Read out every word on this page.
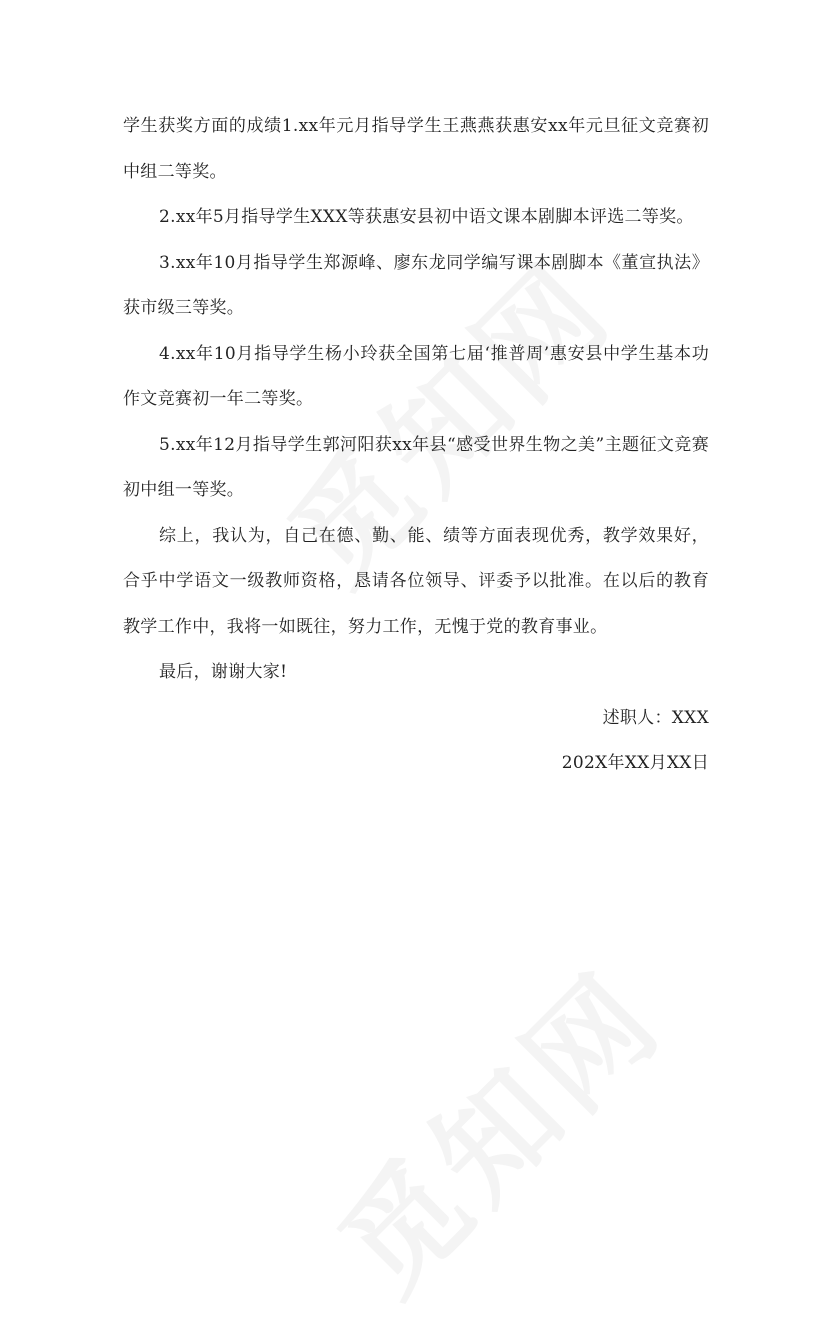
学生获奖方面的成绩1.xx年元月指导学生王燕燕获惠安xx年元旦征文竞赛初中组二等奖。

2.xx年5月指导学生XXX等获惠安县初中语文课本剧脚本评选二等奖。

3.xx年10月指导学生郑源峰、廖东龙同学编写课本剧脚本《董宣执法》获市级三等奖。

4.xx年10月指导学生杨小玲获全国第七届‘推普周’惠安县中学生基本功作文竞赛初一年二等奖。

5.xx年12月指导学生郭河阳获xx年县“感受世界生物之美”主题征文竞赛初中组一等奖。

综上，我认为，自己在德、勤、能、绩等方面表现优秀，教学效果好，合乎中学语文一级教师资格，恳请各位领导、评委予以批准。在以后的教育教学工作中，我将一如既往，努力工作，无愧于党的教育事业。

最后，谢谢大家!

述职人：XXX

202X年XX月XX日
